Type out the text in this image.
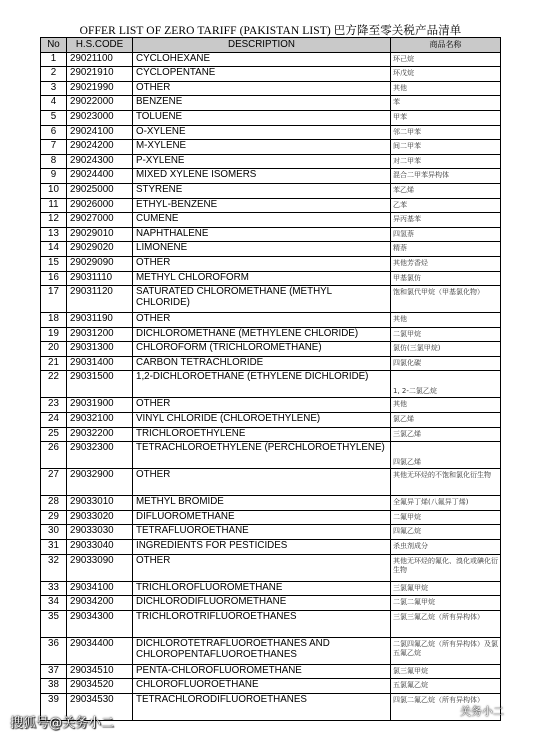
OFFER LIST OF ZERO TARIFF (PAKISTAN LIST) 巴方降至零关税产品清单
No	H.S.CODE	DESCRIPTION	商品名称
1	29021100	CYCLOHEXANE	环己烷
2	29021910	CYCLOPENTANE	环戊烷
3	29021990	OTHER	其他
4	29022000	BENZENE	苯
5	29023000	TOLUENE	甲苯
6	29024100	O-XYLENE	邻二甲苯
7	29024200	M-XYLENE	间二甲苯
8	29024300	P-XYLENE	对二甲苯
9	29024400	MIXED XYLENE ISOMERS	混合二甲苯异构体
10	29025000	STYRENE	苯乙烯
11	29026000	ETHYL-BENZENE	乙苯
12	29027000	CUMENE	异丙基苯
13	29029010	NAPHTHALENE	四氢萘
14	29029020	LIMONENE	精萘
15	29029090	OTHER	其他芳香烃
16	29031110	METHYL CHLOROFORM	甲基氯仿
17	29031120	SATURATED CHLOROMETHANE (METHYL CHLORIDE)	饱和氯代甲烷（甲基氯化物）
18	29031190	OTHER	其他
19	29031200	DICHLOROMETHANE (METHYLENE CHLORIDE)	二氯甲烷
20	29031300	CHLOROFORM (TRICHLOROMETHANE)	氯仿(三氯甲烷)
21	29031400	CARBON TETRACHLORIDE	四氯化碳
22	29031500	1,2-DICHLOROETHANE (ETHYLENE DICHLORIDE)	1, 2-二氯乙烷
23	29031900	OTHER	其他
24	29032100	VINYL CHLORIDE (CHLOROETHYLENE)	氯乙烯
25	29032200	TRICHLOROETHYLENE	三氯乙烯
26	29032300	TETRACHLOROETHYLENE (PERCHLOROETHYLENE)	四氯乙烯
27	29032900	OTHER	其他无环烃的不饱和氯化衍生物
28	29033010	METHYL BROMIDE	全氟异丁烯(八氟异丁烯)
29	29033020	DIFLUOROMETHANE	二氟甲烷
30	29033030	TETRAFLUOROETHANE	四氟乙烷
31	29033040	INGREDIENTS FOR PESTICIDES	杀虫剂成分
32	29033090	OTHER	其他无环烃的氟化、溴化或碘化衍生物
33	29034100	TRICHLOROFLUOROMETHANE	三氯氟甲烷
34	29034200	DICHLORODIFLUOROMETHANE	二氯二氟甲烷
35	29034300	TRICHLOROTRIFLUOROETHANES	三氯三氟乙烷（所有异构体）
36	29034400	DICHLOROTETRAFLUOROETHANES AND CHLOROPENTAFLUOROETHANES	二氯四氟乙烷（所有异构体）及氯五氟乙烷
37	29034510	PENTA-CHLOROFLUOROMETHANE	氯三氟甲烷
38	29034520	CHLOROFLUOROETHANE	五氯氟乙烷
39	29034530	TETRACHLORODIFLUOROETHANES	四氯二氟乙烷（所有异构体）
搜狐号@关务小二
关务小二
